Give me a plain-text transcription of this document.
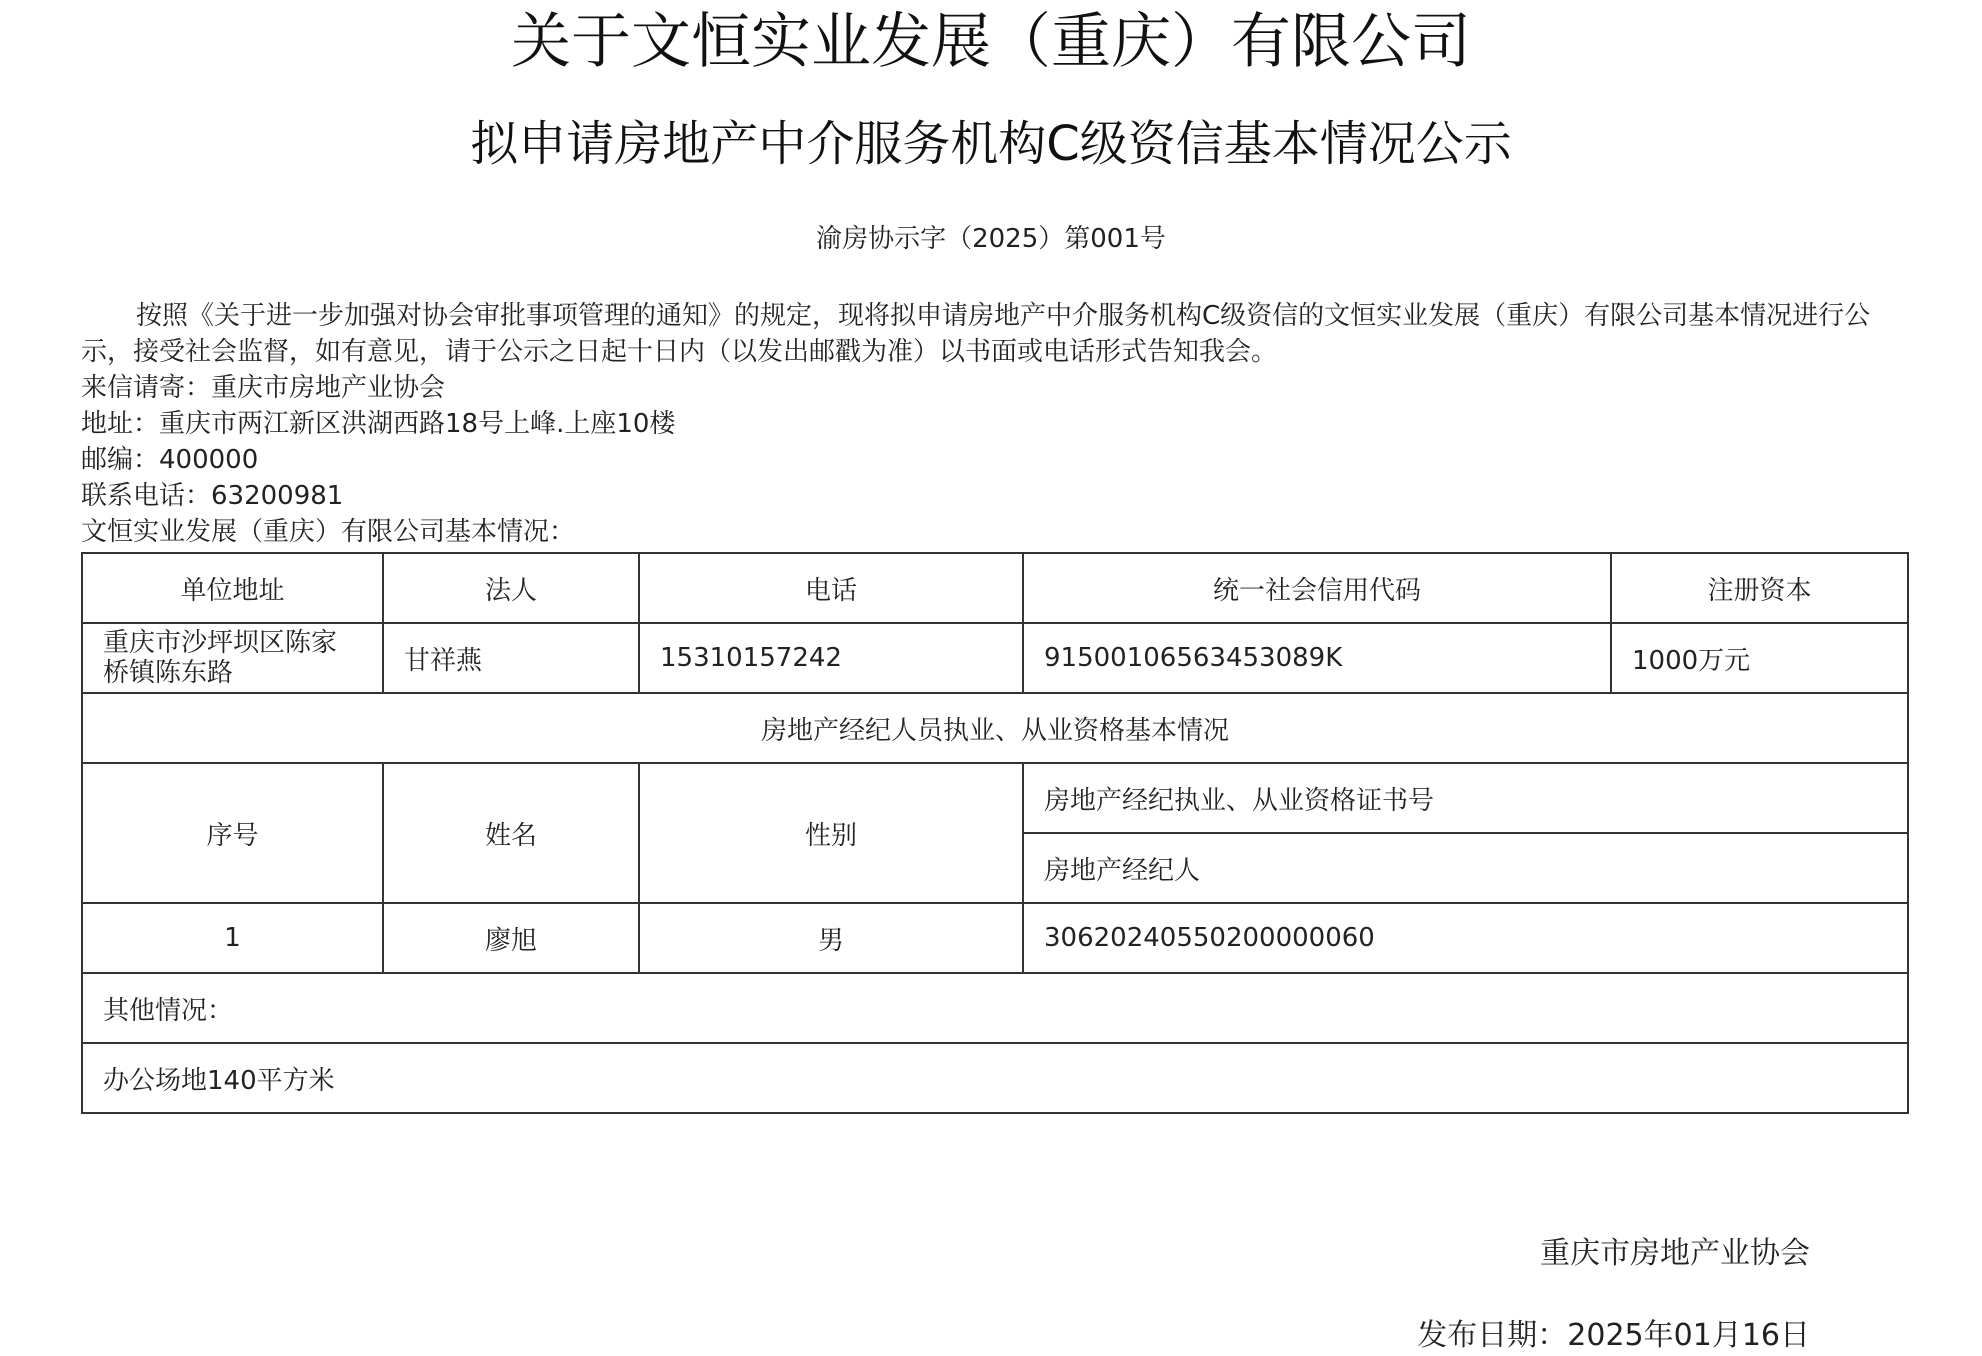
关于文恒实业发展（重庆）有限公司
拟申请房地产中介服务机构C级资信基本情况公示
渝房协示字（2025）第001号

按照《关于进一步加强对协会审批事项管理的通知》的规定，现将拟申请房地产中介服务机构C级资信的文恒实业发展（重庆）有限公司基本情况进行公示，接受社会监督，如有意见，请于公示之日起十日内（以发出邮戳为准）以书面或电话形式告知我会。

来信请寄：重庆市房地产业协会

地址：重庆市两江新区洪湖西路18号上峰.上座10楼

邮编：400000

联系电话：63200981

文恒实业发展（重庆）有限公司基本情况：

单位地址	法人	电话	统一社会信用代码	注册资本
重庆市沙坪坝区陈家桥镇陈东路	甘祥燕	15310157242	91500106563453089K	1000万元
房地产经纪人员执业、从业资格基本情况				
序号	姓名	性别	房地产经纪执业、从业资格证书号	
			房地产经纪人	
1	廖旭	男	30620240550200000060	
其他情况：				
办公场地140平方米				
重庆市房地产业协会
发布日期：2025年01月16日
